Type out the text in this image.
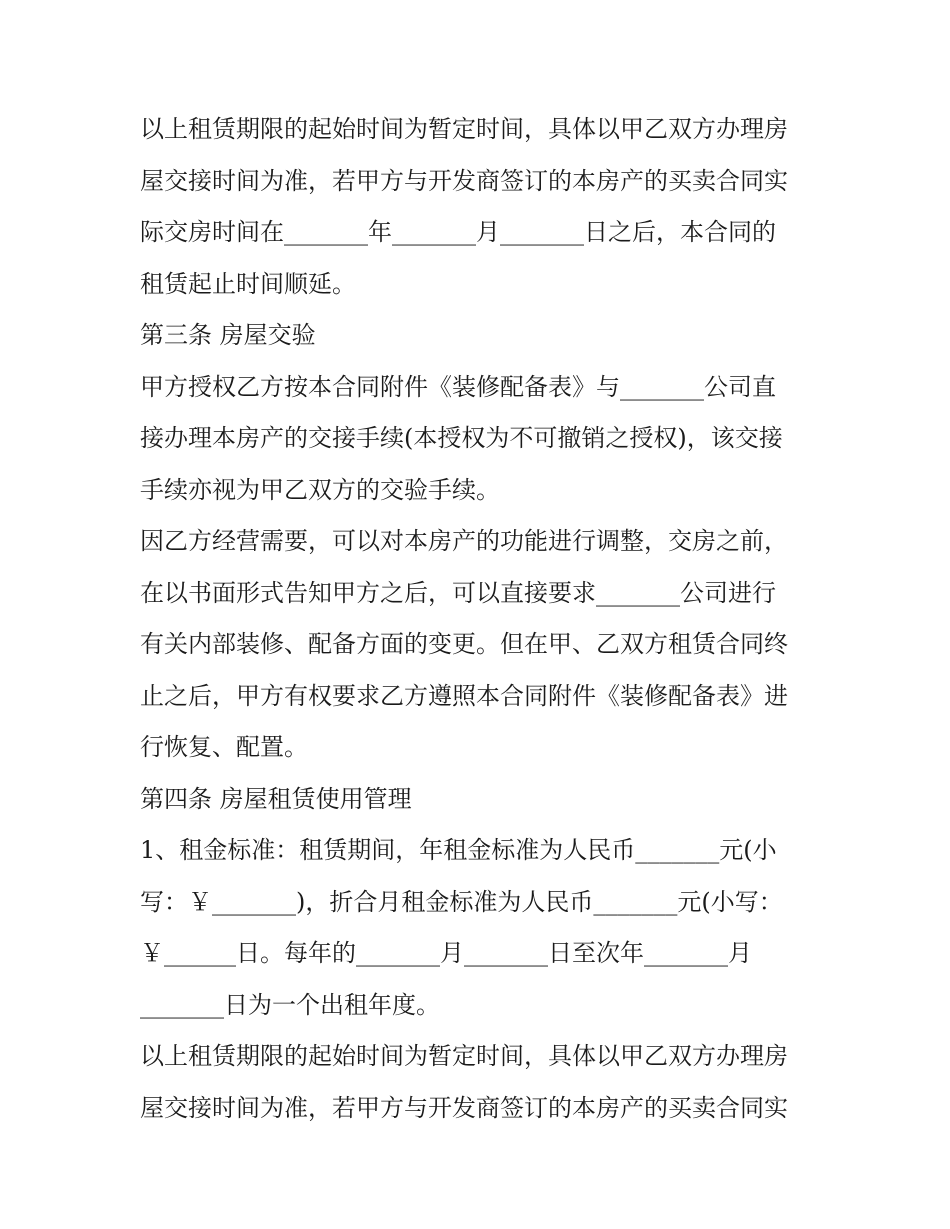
以上租赁期限的起始时间为暂定时间，具体以甲乙双方办理房
屋交接时间为准，若甲方与开发商签订的本房产的买卖合同实
际交房时间在_______年_______月_______日之后，本合同的
租赁起止时间顺延。
第三条 房屋交验
甲方授权乙方按本合同附件《装修配备表》与_______公司直
接办理本房产的交接手续(本授权为不可撤销之授权)，该交接
手续亦视为甲乙双方的交验手续。
因乙方经营需要，可以对本房产的功能进行调整，交房之前，
在以书面形式告知甲方之后，可以直接要求_______公司进行
有关内部装修、配备方面的变更。但在甲、乙双方租赁合同终
止之后，甲方有权要求乙方遵照本合同附件《装修配备表》进
行恢复、配置。
第四条 房屋租赁使用管理
1、租金标准：租赁期间，年租金标准为人民币_______元(小
写：￥_______)，折合月租金标准为人民币_______元(小写：
￥______日。每年的_______月_______日至次年_______月
_______日为一个出租年度。
以上租赁期限的起始时间为暂定时间，具体以甲乙双方办理房
屋交接时间为准，若甲方与开发商签订的本房产的买卖合同实
